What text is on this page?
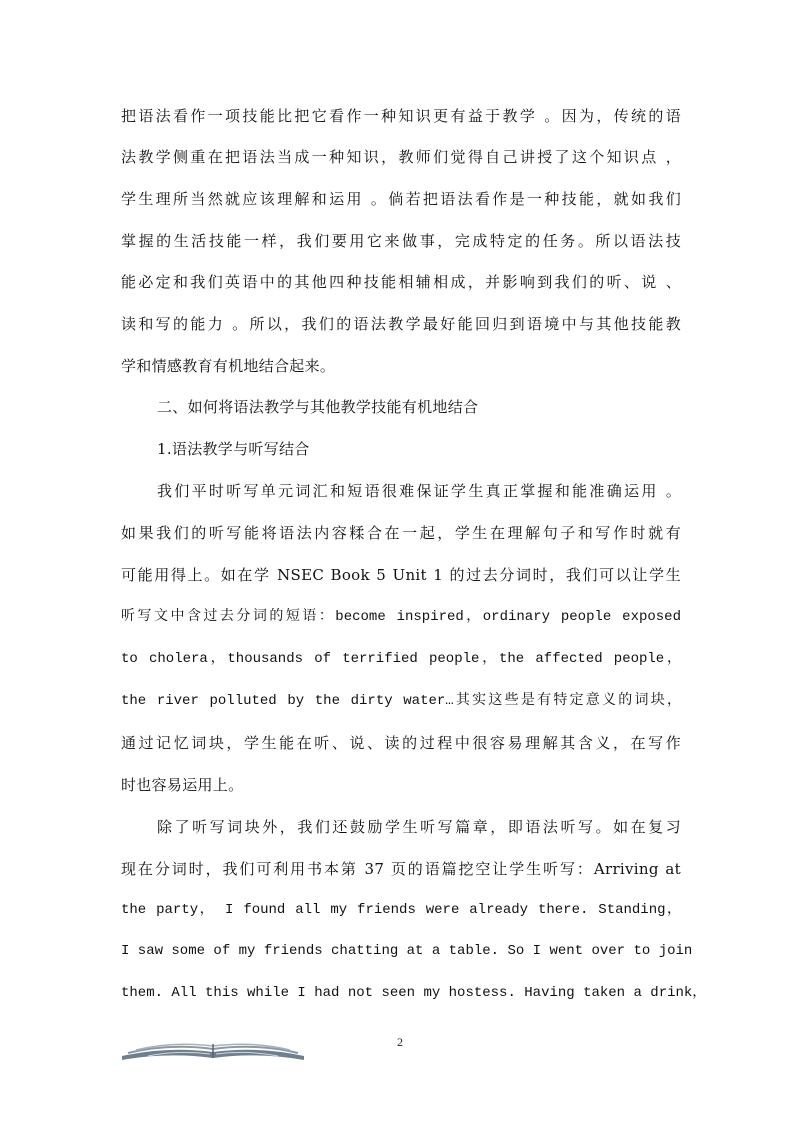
把语法看作一项技能比把它看作一种知识更有益于教学 。因为，传统的语
法教学侧重在把语法当成一种知识，教师们觉得自己讲授了这个知识点 ，
学生理所当然就应该理解和运用 。倘若把语法看作是一种技能，就如我们
掌握的生活技能一样，我们要用它来做事，完成特定的任务。所以语法技
能必定和我们英语中的其他四种技能相辅相成，并影响到我们的听、说 、
读和写的能力 。所以，我们的语法教学最好能回归到语境中与其他技能教
学和情感教育有机地结合起来。
二、如何将语法教学与其他教学技能有机地结合
1.语法教学与听写结合
我们平时听写单元词汇和短语很难保证学生真正掌握和能准确运用 。
如果我们的听写能将语法内容糅合在一起，学生在理解句子和写作时就有
可能用得上。如在学 NSEC Book 5 Unit 1 的过去分词时，我们可以让学生
听写文中含过去分词的短语：become inspired，ordinary people exposed
to cholera，thousands of terrified people，the affected people，
the river polluted by the dirty water…其实这些是有特定意义的词块，
通过记忆词块，学生能在听、说、读的过程中很容易理解其含义，在写作
时也容易运用上。
除了听写词块外，我们还鼓励学生听写篇章，即语法听写。如在复习
现在分词时，我们可利用书本第 37 页的语篇挖空让学生听写：Arriving at
the party， I found all my friends were already there. Standing，
I saw some of my friends chatting at a table. So I went over to join
them. All this while I had not seen my hostess. Having taken a drink，
2
